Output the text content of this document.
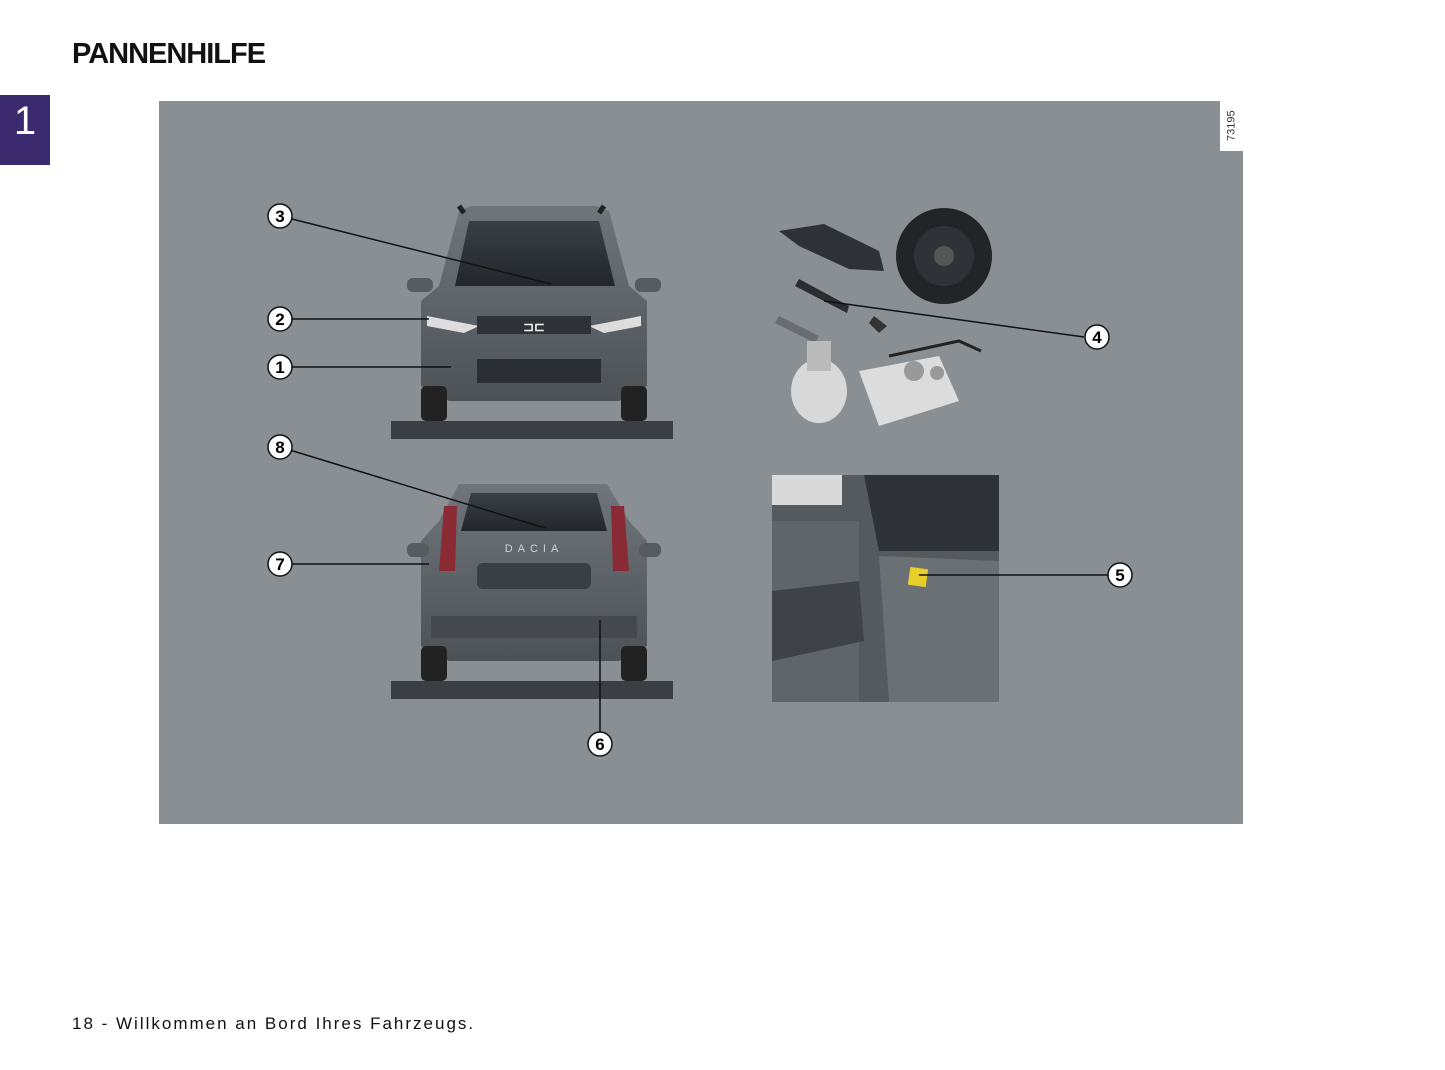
PANNENHILFE
1
⊐⊏
DACIA
1
2
3
4
5
6
7
8
73195
18 - Willkommen an Bord Ihres Fahrzeugs.
